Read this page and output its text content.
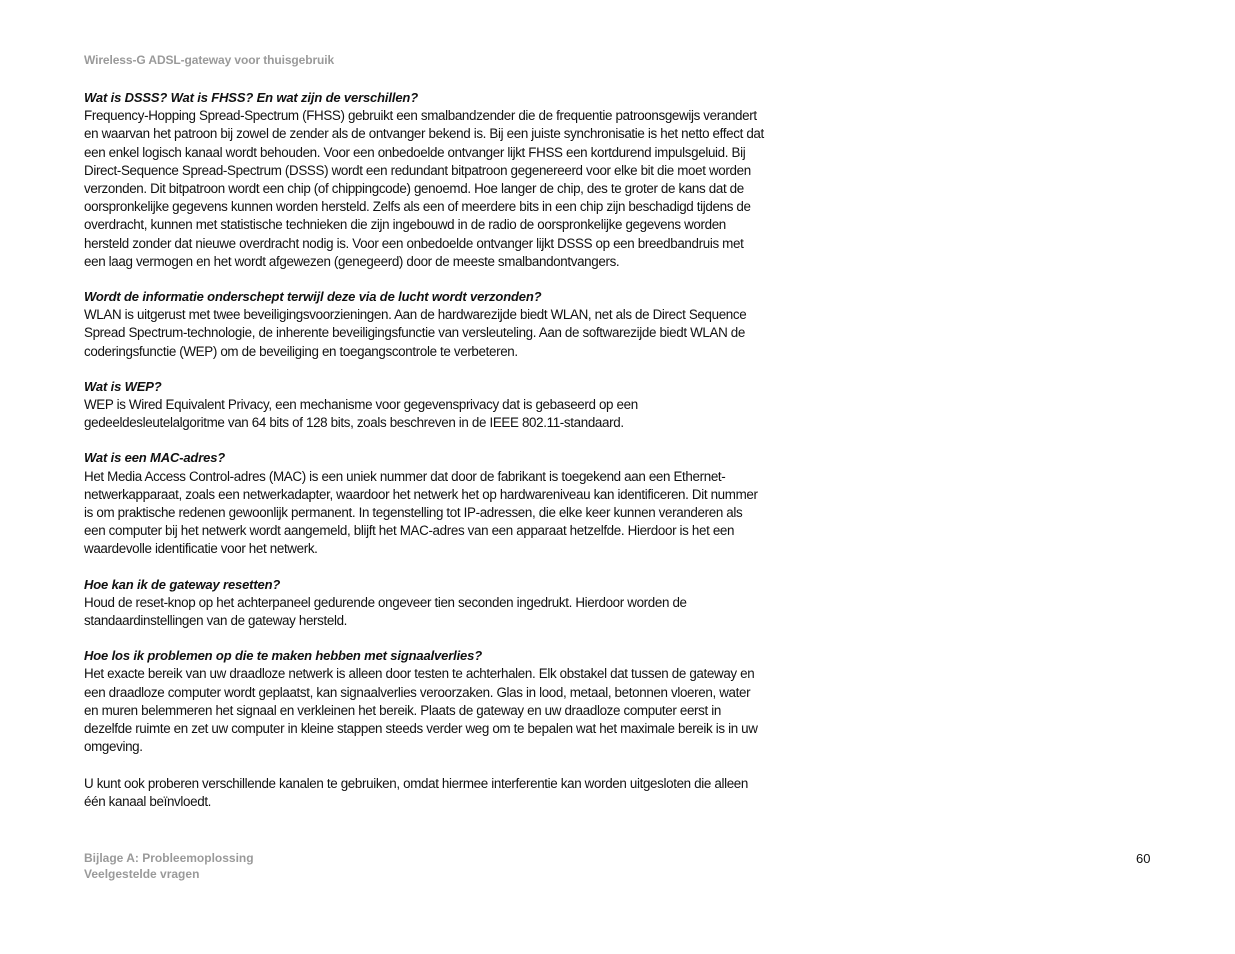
Wireless-G ADSL-gateway voor thuisgebruik

Wat is DSSS? Wat is FHSS? En wat zijn de verschillen?

Frequency-Hopping Spread-Spectrum (FHSS) gebruikt een smalbandzender die de frequentie patroonsgewijs verandert en waarvan het patroon bij zowel de zender als de ontvanger bekend is. Bij een juiste synchronisatie is het netto effect dat een enkel logisch kanaal wordt behouden. Voor een onbedoelde ontvanger lijkt FHSS een kortdurend impulsgeluid. Bij Direct-Sequence Spread-Spectrum (DSSS) wordt een redundant bitpatroon gegenereerd voor elke bit die moet worden verzonden. Dit bitpatroon wordt een chip (of chippingcode) genoemd. Hoe langer de chip, des te groter de kans dat de oorspronkelijke gegevens kunnen worden hersteld. Zelfs als een of meerdere bits in een chip zijn beschadigd tijdens de overdracht, kunnen met statistische technieken die zijn ingebouwd in de radio de oorspronkelijke gegevens worden hersteld zonder dat nieuwe overdracht nodig is. Voor een onbedoelde ontvanger lijkt DSSS op een breedbandruis met een laag vermogen en het wordt afgewezen (genegeerd) door de meeste smalbandontvangers.

Wordt de informatie onderschept terwijl deze via de lucht wordt verzonden?

WLAN is uitgerust met twee beveiligingsvoorzieningen. Aan de hardwarezijde biedt WLAN, net als de Direct Sequence Spread Spectrum-technologie, de inherente beveiligingsfunctie van versleuteling. Aan de softwarezijde biedt WLAN de coderingsfunctie (WEP) om de beveiliging en toegangscontrole te verbeteren.

Wat is WEP?

WEP is Wired Equivalent Privacy, een mechanisme voor gegevensprivacy dat is gebaseerd op een gedeeldesleutelalgoritme van 64 bits of 128 bits, zoals beschreven in de IEEE 802.11-standaard.

Wat is een MAC-adres?

Het Media Access Control-adres (MAC) is een uniek nummer dat door de fabrikant is toegekend aan een Ethernet-netwerkapparaat, zoals een netwerkadapter, waardoor het netwerk het op hardwareniveau kan identificeren. Dit nummer is om praktische redenen gewoonlijk permanent. In tegenstelling tot IP-adressen, die elke keer kunnen veranderen als een computer bij het netwerk wordt aangemeld, blijft het MAC-adres van een apparaat hetzelfde. Hierdoor is het een waardevolle identificatie voor het netwerk.

Hoe kan ik de gateway resetten?

Houd de reset-knop op het achterpaneel gedurende ongeveer tien seconden ingedrukt. Hierdoor worden de standaardinstellingen van de gateway hersteld.

Hoe los ik problemen op die te maken hebben met signaalverlies?

Het exacte bereik van uw draadloze netwerk is alleen door testen te achterhalen. Elk obstakel dat tussen de gateway en een draadloze computer wordt geplaatst, kan signaalverlies veroorzaken. Glas in lood, metaal, betonnen vloeren, water en muren belemmeren het signaal en verkleinen het bereik. Plaats de gateway en uw draadloze computer eerst in dezelfde ruimte en zet uw computer in kleine stappen steeds verder weg om te bepalen wat het maximale bereik is in uw omgeving.

U kunt ook proberen verschillende kanalen te gebruiken, omdat hiermee interferentie kan worden uitgesloten die alleen één kanaal beïnvloedt.

Bijlage A: Probleemoplossing
Veelgestelde vragen
60
